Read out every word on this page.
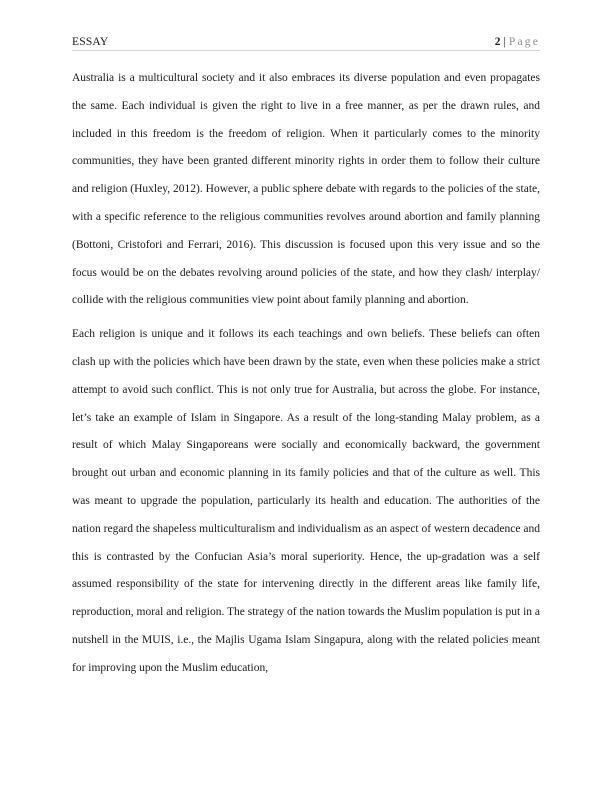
ESSAY	2 | Page

Australia is a multicultural society and it also embraces its diverse population and even propagates the same. Each individual is given the right to live in a free manner, as per the drawn rules, and included in this freedom is the freedom of religion. When it particularly comes to the minority communities, they have been granted different minority rights in order them to follow their culture and religion (Huxley, 2012). However, a public sphere debate with regards to the policies of the state, with a specific reference to the religious communities revolves around abortion and family planning (Bottoni, Cristofori and Ferrari, 2016). This discussion is focused upon this very issue and so the focus would be on the debates revolving around policies of the state, and how they clash/ interplay/ collide with the religious communities view point about family planning and abortion.

Each religion is unique and it follows its each teachings and own beliefs. These beliefs can often clash up with the policies which have been drawn by the state, even when these policies make a strict attempt to avoid such conflict. This is not only true for Australia, but across the globe. For instance, let’s take an example of Islam in Singapore. As a result of the long-standing Malay problem, as a result of which Malay Singaporeans were socially and economically backward, the government brought out urban and economic planning in its family policies and that of the culture as well. This was meant to upgrade the population, particularly its health and education. The authorities of the nation regard the shapeless multiculturalism and individualism as an aspect of western decadence and this is contrasted by the Confucian Asia’s moral superiority. Hence, the up-gradation was a self assumed responsibility of the state for intervening directly in the different areas like family life, reproduction, moral and religion. The strategy of the nation towards the Muslim population is put in a nutshell in the MUIS, i.e., the Majlis Ugama Islam Singapura, along with the related policies meant for improving upon the Muslim education,
